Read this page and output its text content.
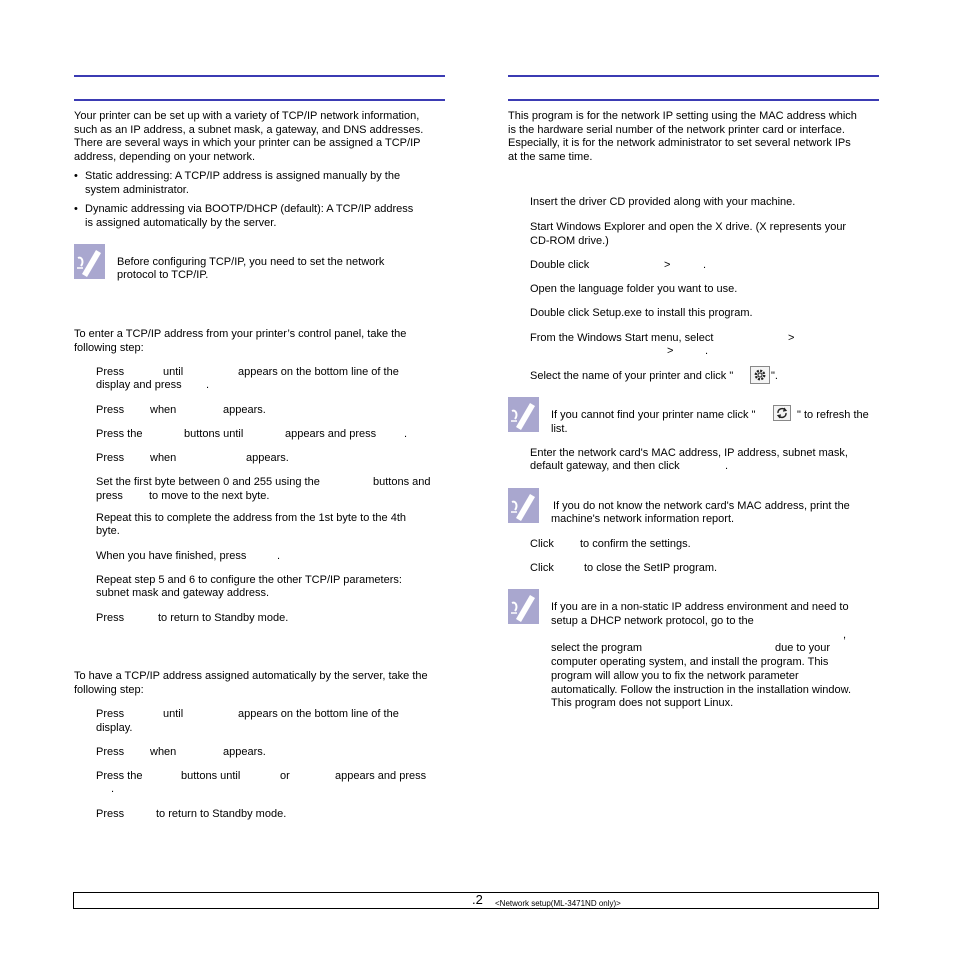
Your printer can be set up with a variety of TCP/IP network information,
such as an IP address, a subnet mask, a gateway, and DNS addresses.
There are several ways in which your printer can be assigned a TCP/IP
address, depending on your network.
• Static addressing: A TCP/IP address is assigned manually by the
system administrator.
• Dynamic addressing via BOOTP/DHCP (default): A TCP/IP address
is assigned automatically by the server.
Before configuring TCP/IP, you need to set the network
protocol to TCP/IP.
To enter a TCP/IP address from your printer’s control panel, take the
following step:
Press	until	appears on the bottom line of the
display and press .
Press when	appears.
Press the	buttons until	appears and press	.
Press when	appears.
Set the first byte between 0 and 255 using the	buttons and
press to move to the next byte.
Repeat this to complete the address from the 1st byte to the 4th
byte.
When you have finished, press	.
Repeat step 5 and 6 to configure the other TCP/IP parameters:
subnet mask and gateway address.
Press	to return to Standby mode.
To have a TCP/IP address assigned automatically by the server, take the
following step:
Press	until	appears on the bottom line of the
display.
Press when	appears.
Press the	buttons until	or	appears and press
.
Press	to return to Standby mode.
This program is for the network IP setting using the MAC address which
is the hardware serial number of the network printer card or interface.
Especially, it is for the network administrator to set several network IPs
at the same time.
Insert the driver CD provided along with your machine.
Start Windows Explorer and open the X drive. (X represents your
CD-ROM drive.)
Double click	>	.
Open the language folder you want to use.
Double click Setup.exe to install this program.
From the Windows Start menu, select	>
>	.
Select the name of your printer and click "	".
Enter the network card's MAC address, IP address, subnet mask,
default gateway, and then click	.
Click to confirm the settings.
Click	to close the SetIP program.
If you cannot find your printer name click "	" to refresh the
list.
If you do not know the network card's MAC address, print the
machine's network information report.
If you are in a non-static IP address environment and need to
setup a DHCP network protocol, go to the
,
select the program	due to your
computer operating system, and install the program. This
program will allow you to fix the network parameter
automatically. Follow the instruction in the installation window.
This program does not support Linux.
.2 <Network setup(ML-3471ND only)>
